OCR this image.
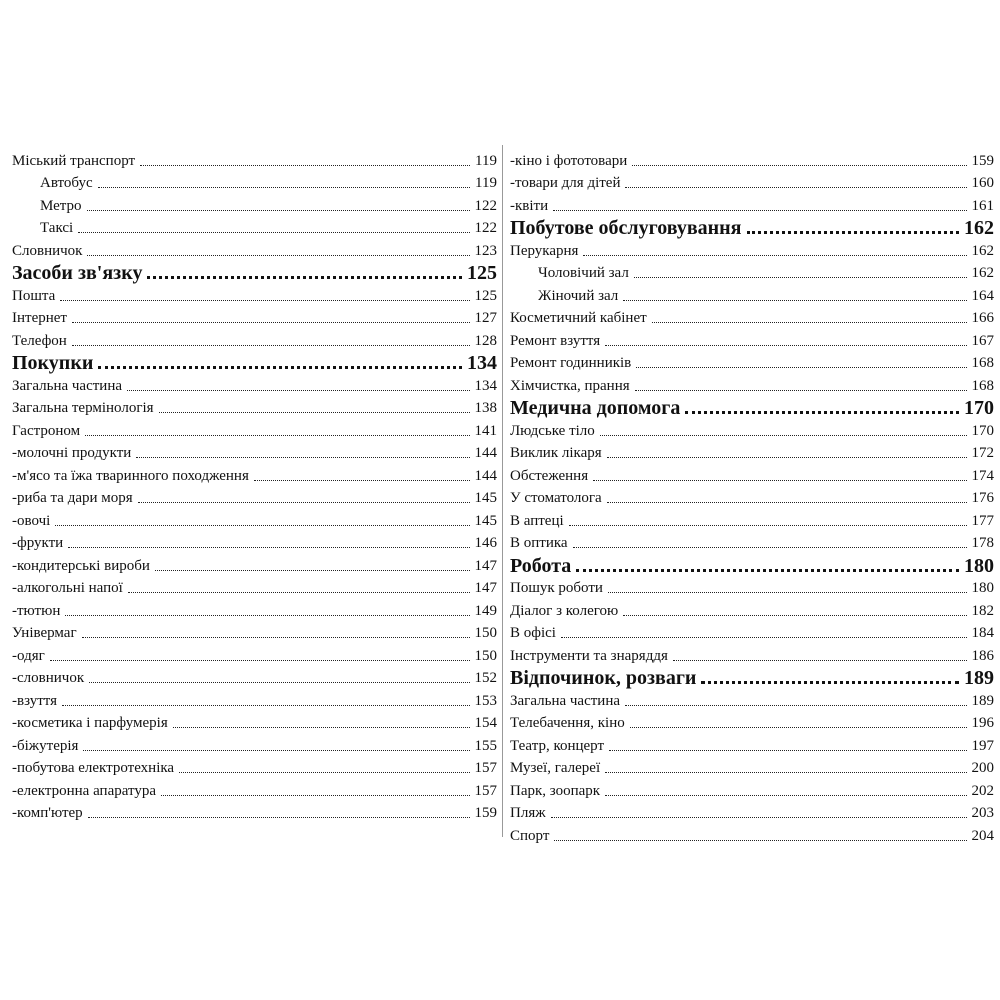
Міський транспорт	119
Автобус	119
Метро	122
Таксі	122
Словничок	123
Засоби зв'язку	125
Пошта	125
Інтернет	127
Телефон	128
Покупки	134
Загальна частина	134
Загальна термінологія	138
Гастроном	141
-молочні продукти	144
-м'ясо та їжа тваринного походження	144
-риба та дари моря	145
-овочі	145
-фрукти	146
-кондитерські вироби	147
-алкогольні напої	147
-тютюн	149
Універмаг	150
-одяг	150
-словничок	152
-взуття	153
-косметика і парфумерія	154
-біжутерія	155
-побутова електротехніка	157
-електронна апаратура	157
-комп'ютер	159
-кіно і фототовари	159
-товари для дітей	160
-квіти	161
Побутове обслуговування	162
Перукарня	162
Чоловічий зал	162
Жіночий зал	164
Косметичний кабінет	166
Ремонт взуття	167
Ремонт годинників	168
Хімчистка, прання	168
Медична допомога	170
Людське тіло	170
Виклик лікаря	172
Обстеження	174
У стоматолога	176
В аптеці	177
В оптика	178
Робота	180
Пошук роботи	180
Діалог з колегою	182
В офісі	184
Інструменти та знаряддя	186
Відпочинок, розваги	189
Загальна частина	189
Телебачення, кіно	196
Театр, концерт	197
Музеї, галереї	200
Парк, зоопарк	202
Пляж	203
Спорт	204
